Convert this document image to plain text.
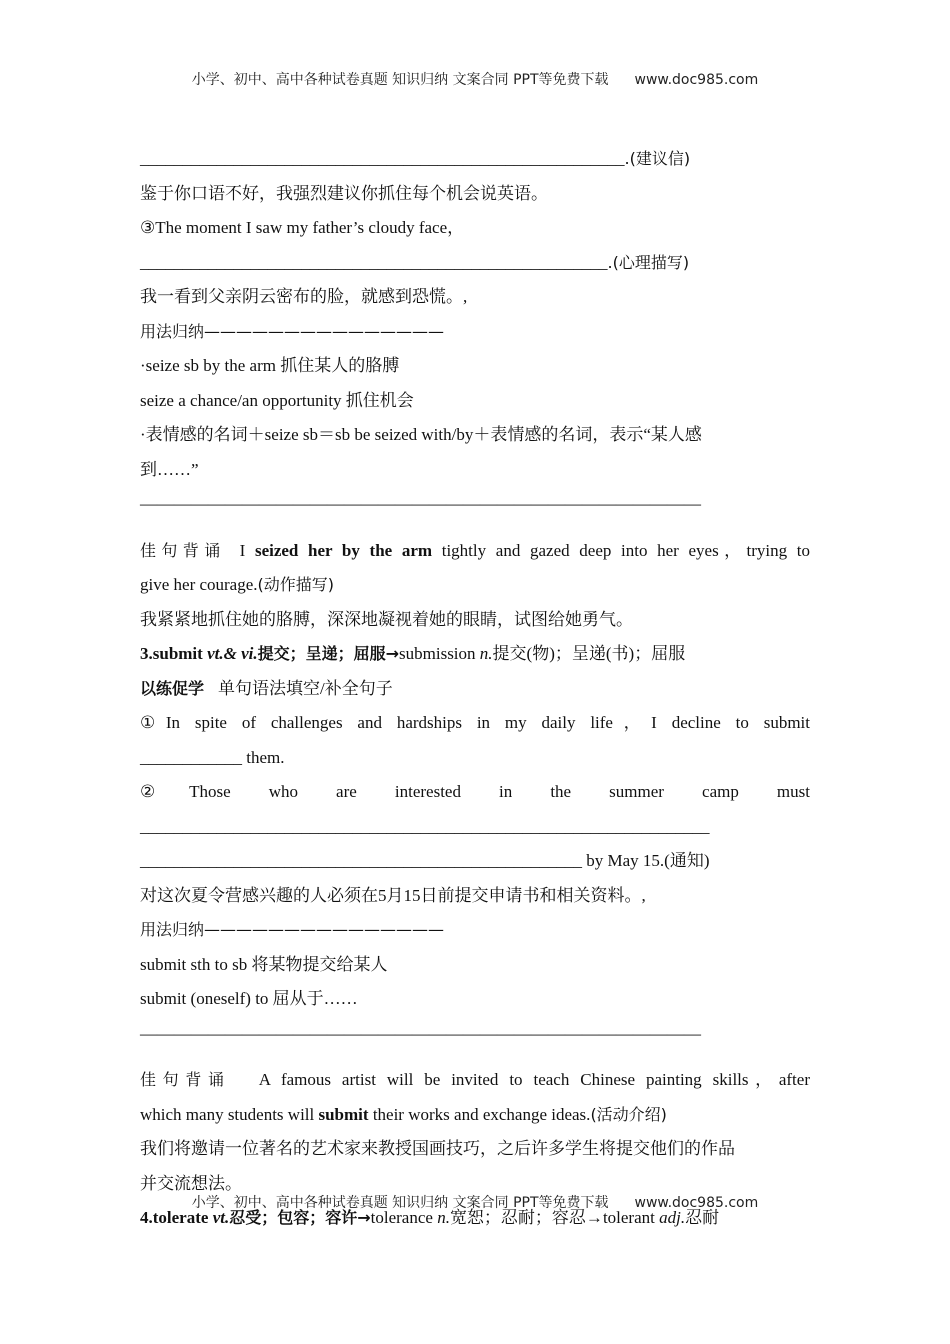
小学、初中、高中各种试卷真题 知识归纳 文案合同 PPT等免费下载 www.doc985.com
_________________________________________________________.(建议信)
鉴于你口语不好，我强烈建议你抓住每个机会说英语。
③The moment I saw my father’s cloudy face，
_______________________________________________________.(心理描写)
我一看到父亲阴云密布的脸，就感到恐慌。,
用法归纳———————————————
·seize sb by the arm 抓住某人的胳膊
seize a chance/an opportunity 抓住机会
·表情感的名词＋seize sb＝sb be seized with/by＋表情感的名词，表示“某人感
到……”
—————————————————————————————————
佳句背诵 I seized her by the arm tightly and gazed deep into her eyes，trying to
give her courage.(动作描写)
我紧紧地抓住她的胳膊，深深地凝视着她的眼睛，试图给她勇气。
3.submit vt.& vi.提交；呈递；屈服→submission n.提交(物)；呈递(书)；屈服
以练促学 单句语法填空/补全句子
①In spite of challenges and hardships in my daily life，I decline to submit
____________ them.
②Those who are interested in the summer camp must
___________________________________________________________________
____________________________________________________ by May 15.(通知)
对这次夏令营感兴趣的人必须在5月15日前提交申请书和相关资料。,
用法归纳———————————————
submit sth to sb 将某物提交给某人
submit (oneself) to 屈从于……
—————————————————————————————————
佳句背诵 A famous artist will be invited to teach Chinese painting skills，after
which many students will submit their works and exchange ideas.(活动介绍)
我们将邀请一位著名的艺术家来教授国画技巧，之后许多学生将提交他们的作品
并交流想法。
4.tolerate vt.忍受；包容；容许→tolerance n.宽恕；忍耐；容忍→tolerant adj.忍耐
小学、初中、高中各种试卷真题 知识归纳 文案合同 PPT等免费下载 www.doc985.com
